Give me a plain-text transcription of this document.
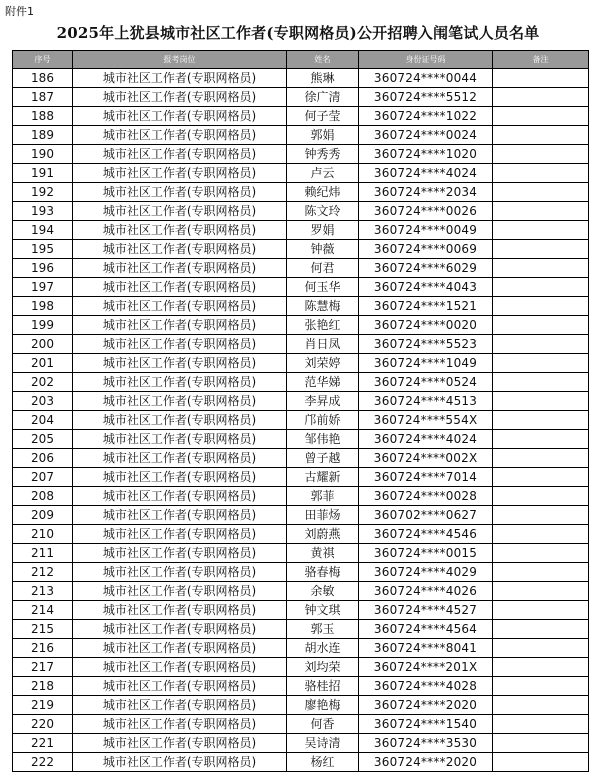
附件1
2025年上犹县城市社区工作者(专职网格员)公开招聘入闱笔试人员名单
序号	报考岗位	姓名	身份证号码	备注
186	城市社区工作者(专职网格员)	熊琳	360724****0044	
187	城市社区工作者(专职网格员)	徐广清	360724****5512	
188	城市社区工作者(专职网格员)	何子莹	360724****1022	
189	城市社区工作者(专职网格员)	郭娟	360724****0024	
190	城市社区工作者(专职网格员)	钟秀秀	360724****1020	
191	城市社区工作者(专职网格员)	卢云	360724****4024	
192	城市社区工作者(专职网格员)	赖纪炜	360724****2034	
193	城市社区工作者(专职网格员)	陈文玲	360724****0026	
194	城市社区工作者(专职网格员)	罗娟	360724****0049	
195	城市社区工作者(专职网格员)	钟薇	360724****0069	
196	城市社区工作者(专职网格员)	何君	360724****6029	
197	城市社区工作者(专职网格员)	何玉华	360724****4043	
198	城市社区工作者(专职网格员)	陈慧梅	360724****1521	
199	城市社区工作者(专职网格员)	张艳红	360724****0020	
200	城市社区工作者(专职网格员)	肖日凤	360724****5523	
201	城市社区工作者(专职网格员)	刘荣婷	360724****1049	
202	城市社区工作者(专职网格员)	范华娣	360724****0524	
203	城市社区工作者(专职网格员)	李昇成	360724****4513	
204	城市社区工作者(专职网格员)	邝前娇	360724****554X	
205	城市社区工作者(专职网格员)	邹伟艳	360724****4024	
206	城市社区工作者(专职网格员)	曾子越	360724****002X	
207	城市社区工作者(专职网格员)	古耀新	360724****7014	
208	城市社区工作者(专职网格员)	郭菲	360724****0028	
209	城市社区工作者(专职网格员)	田菲炀	360702****0627	
210	城市社区工作者(专职网格员)	刘蔚燕	360724****4546	
211	城市社区工作者(专职网格员)	黄祺	360724****0015	
212	城市社区工作者(专职网格员)	骆春梅	360724****4029	
213	城市社区工作者(专职网格员)	余敏	360724****4026	
214	城市社区工作者(专职网格员)	钟文琪	360724****4527	
215	城市社区工作者(专职网格员)	郭玉	360724****4564	
216	城市社区工作者(专职网格员)	胡水连	360724****8041	
217	城市社区工作者(专职网格员)	刘均荣	360724****201X	
218	城市社区工作者(专职网格员)	骆桂招	360724****4028	
219	城市社区工作者(专职网格员)	廖艳梅	360724****2020	
220	城市社区工作者(专职网格员)	何香	360724****1540	
221	城市社区工作者(专职网格员)	吴诗清	360724****3530	
222	城市社区工作者(专职网格员)	杨红	360724****2020	
